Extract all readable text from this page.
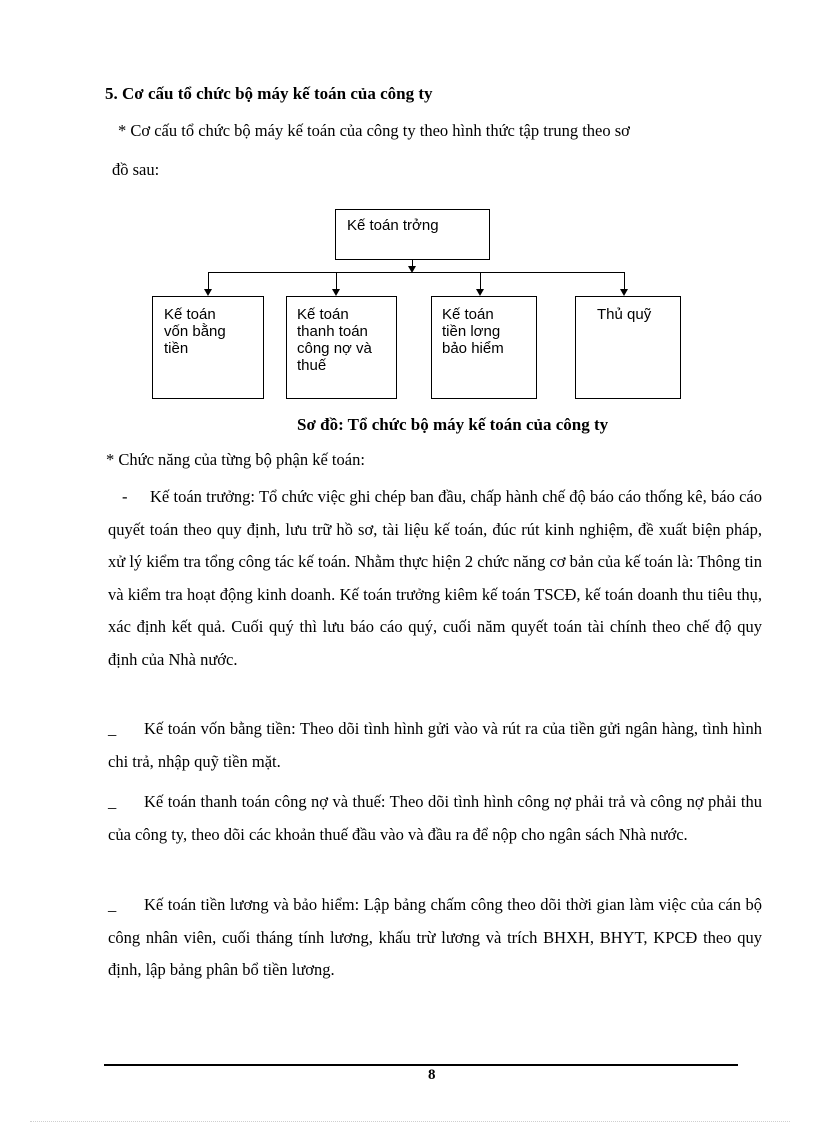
5. Cơ cấu tổ chức bộ máy kế toán của công ty
* Cơ cấu tổ chức bộ máy kế toán của công ty theo hình thức tập trung theo sơ
đồ sau:
Kế toán trởng
Kế toán
vốn bằng
tiền
Kế toán
thanh toán
công nợ và
thuế
Kế toán
tiền lơng
bảo hiểm
Thủ quỹ
Sơ đồ: Tổ chức bộ máy kế toán của công ty
* Chức năng của từng bộ phận kế toán:
- Kế toán trưởng: Tổ chức việc ghi chép ban đầu, chấp hành chế độ báo cáo thống kê, báo cáo quyết toán theo quy định, lưu trữ hồ sơ, tài liệu kế toán, đúc rút kinh nghiệm, đề xuất biện pháp, xử lý kiểm tra tổng công tác kế toán. Nhằm thực hiện 2 chức năng cơ bản của kế toán là: Thông tin và kiểm tra hoạt động kinh doanh. Kế toán trưởng kiêm kế toán TSCĐ, kế toán doanh thu tiêu thụ, xác định kết quả. Cuối quý thì lưu báo cáo quý, cuối năm quyết toán tài chính theo chế độ quy định của Nhà nước.
_ Kế toán vốn bằng tiền: Theo dõi tình hình gửi vào và rút ra của tiền gửi ngân hàng, tình hình chi trả, nhập quỹ tiền mặt.
_ Kế toán thanh toán công nợ và thuế: Theo dõi tình hình công nợ phải trả và công nợ phải thu của công ty, theo dõi các khoản thuế đầu vào và đầu ra để nộp cho ngân sách Nhà nước.
_ Kế toán tiền lương và bảo hiểm: Lập bảng chấm công theo dõi thời gian làm việc của cán bộ công nhân viên, cuối tháng tính lương, khấu trừ lương và trích BHXH, BHYT, KPCĐ theo quy định, lập bảng phân bổ tiền lương.
8
